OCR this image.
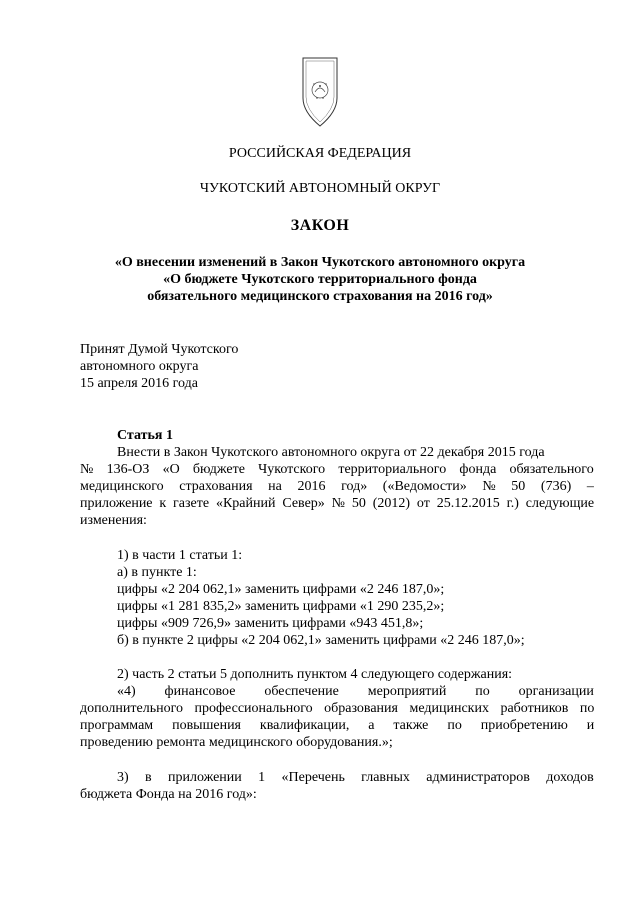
РОССИЙСКАЯ ФЕДЕРАЦИЯ
ЧУКОТСКИЙ АВТОНОМНЫЙ ОКРУГ
ЗАКОН
«О внесении изменений в Закон Чукотского автономного округа
«О бюджете Чукотского территориального фонда
обязательного медицинского страхования на 2016 год»
Принят Думой Чукотского
автономного округа
15 апреля 2016 года
Статья 1
Внести в Закон Чукотского автономного округа от 22 декабря 2015 года
№ 136-ОЗ «О бюджете Чукотского территориального фонда обязательного
медицинского страхования на 2016 год» («Ведомости» № 50 (736) –
приложение к газете «Крайний Север» № 50 (2012) от 25.12.2015 г.) следующие
изменения:
1) в части 1 статьи 1:
а) в пункте 1:
цифры «2 204 062,1» заменить цифрами «2 246 187,0»;
цифры «1 281 835,2» заменить цифрами «1 290 235,2»;
цифры «909 726,9» заменить цифрами «943 451,8»;
б) в пункте 2 цифры «2 204 062,1» заменить цифрами «2 246 187,0»;
2) часть 2 статьи 5 дополнить пунктом 4 следующего содержания:
«4) финансовое обеспечение мероприятий по организации
дополнительного профессионального образования медицинских работников по
программам повышения квалификации, а также по приобретению и
проведению ремонта медицинского оборудования.»;
3) в приложении 1 «Перечень главных администраторов доходов
бюджета Фонда на 2016 год»:
